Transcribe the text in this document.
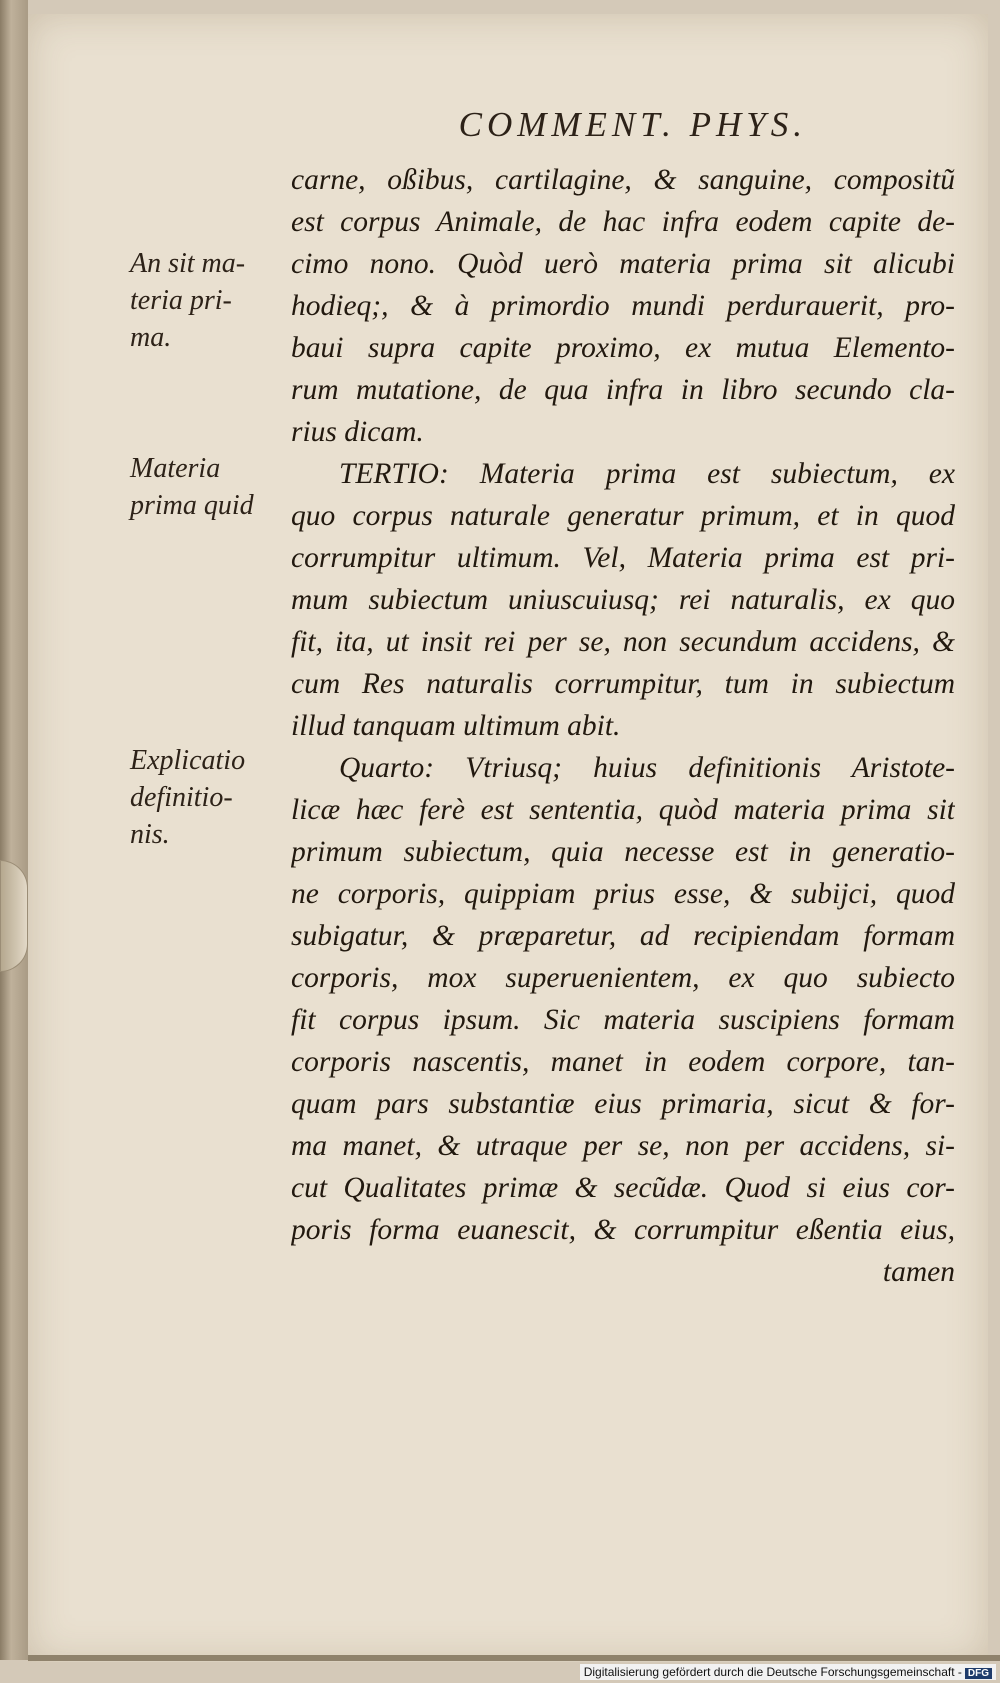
COMMENT. PHYS.
An sit ma-
teria pri-
ma.
Materia
prima quid
Explicatio
definitio-
nis.
carne, oßibus, cartilagine, & sanguine, compositũ
est corpus Animale, de hac infra eodem capite de-
cimo nono. Quòd uerò materia prima sit alicubi
hodieq;, & à primordio mundi perdurauerit, pro-
baui supra capite proximo, ex mutua Elemento-
rum mutatione, de qua infra in libro secundo cla-
rius dicam.
TERTIO: Materia prima est subiectum, ex
quo corpus naturale generatur primum, et in quod
corrumpitur ultimum. Vel, Materia prima est pri-
mum subiectum uniuscuiusq; rei naturalis, ex quo
fit, ita, ut insit rei per se, non secundum accidens, &
cum Res naturalis corrumpitur, tum in subiectum
illud tanquam ultimum abit.
Quarto: Vtriusq; huius definitionis Aristote-
licæ hæc ferè est sententia, quòd materia prima sit
primum subiectum, quia necesse est in generatio-
ne corporis, quippiam prius esse, & subijci, quod
subigatur, & præparetur, ad recipiendam formam
corporis, mox superuenientem, ex quo subiecto
fit corpus ipsum. Sic materia suscipiens formam
corporis nascentis, manet in eodem corpore, tan-
quam pars substantiæ eius primaria, sicut & for-
ma manet, & utraque per se, non per accidens, si-
cut Qualitates primæ & secũdæ. Quod si eius cor-
poris forma euanescit, & corrumpitur eßentia eius,
tamen
Digitalisierung gefördert durch die Deutsche Forschungsgemeinschaft - DFG
